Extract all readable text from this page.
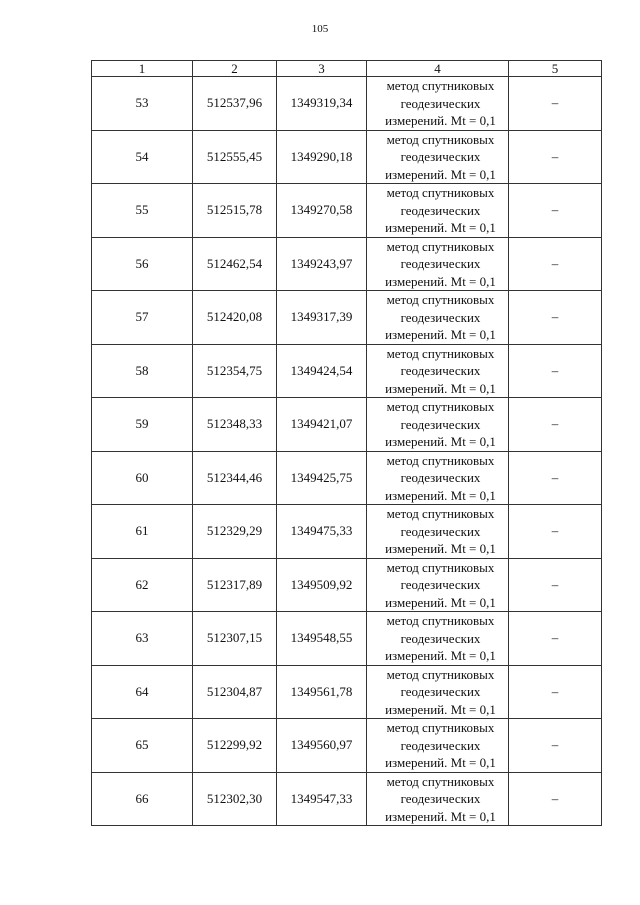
105
1	2	3	4	5
53	512537,96	1349319,34	метод спутниковых
геодезических
измерений. Mt = 0,1	–
54	512555,45	1349290,18	метод спутниковых
геодезических
измерений. Mt = 0,1	–
55	512515,78	1349270,58	метод спутниковых
геодезических
измерений. Mt = 0,1	–
56	512462,54	1349243,97	метод спутниковых
геодезических
измерений. Mt = 0,1	–
57	512420,08	1349317,39	метод спутниковых
геодезических
измерений. Mt = 0,1	–
58	512354,75	1349424,54	метод спутниковых
геодезических
измерений. Mt = 0,1	–
59	512348,33	1349421,07	метод спутниковых
геодезических
измерений. Mt = 0,1	–
60	512344,46	1349425,75	метод спутниковых
геодезических
измерений. Mt = 0,1	–
61	512329,29	1349475,33	метод спутниковых
геодезических
измерений. Mt = 0,1	–
62	512317,89	1349509,92	метод спутниковых
геодезических
измерений. Mt = 0,1	–
63	512307,15	1349548,55	метод спутниковых
геодезических
измерений. Mt = 0,1	–
64	512304,87	1349561,78	метод спутниковых
геодезических
измерений. Mt = 0,1	–
65	512299,92	1349560,97	метод спутниковых
геодезических
измерений. Mt = 0,1	–
66	512302,30	1349547,33	метод спутниковых
геодезических
измерений. Mt = 0,1	–
